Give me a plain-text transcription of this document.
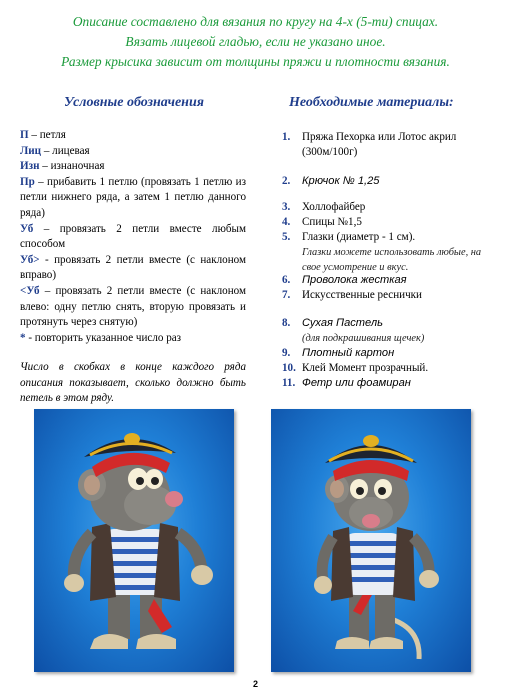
Описание составлено для вязания по кругу на 4-х (5-ти) спицах.
Вязать лицевой гладью, если не указано иное.
Размер крысика зависит от толщины пряжи и плотности вязания.
Условные обозначения	Необходимые материалы:
П – петля
Лиц – лицевая
Изн – изнаночная
Пр – прибавить 1 петлю (провязать 1 петлю из петли нижнего ряда, а затем 1 петлю данного ряда)
Уб – провязать 2 петли вместе любым способом
Уб> - провязать 2 петли вместе (с наклоном вправо)
<Уб – провязать 2 петли вместе (с наклоном влево: одну петлю снять, вторую провязать и протянуть через снятую)
* - повторить указанное число раз
Число в скобках в конце каждого ряда описания показывает, сколько должно быть петель в этом ряду.
1. Пряжа Пехорка или Лотос акрил (300м/100г)
2. Крючок № 1,25
3. Холлофайбер
4. Спицы №1,5
5. Глазки (диаметр - 1 см).
Глазки можете использовать любые, на свое усмотрение и вкус.
6. Проволока жесткая
7. Искусственные реснички
8. Сухая Пастель
(для подкрашивания щечек)
9. Плотный картон
10. Клей Момент прозрачный.
11. Фетр или фоамиран
2
